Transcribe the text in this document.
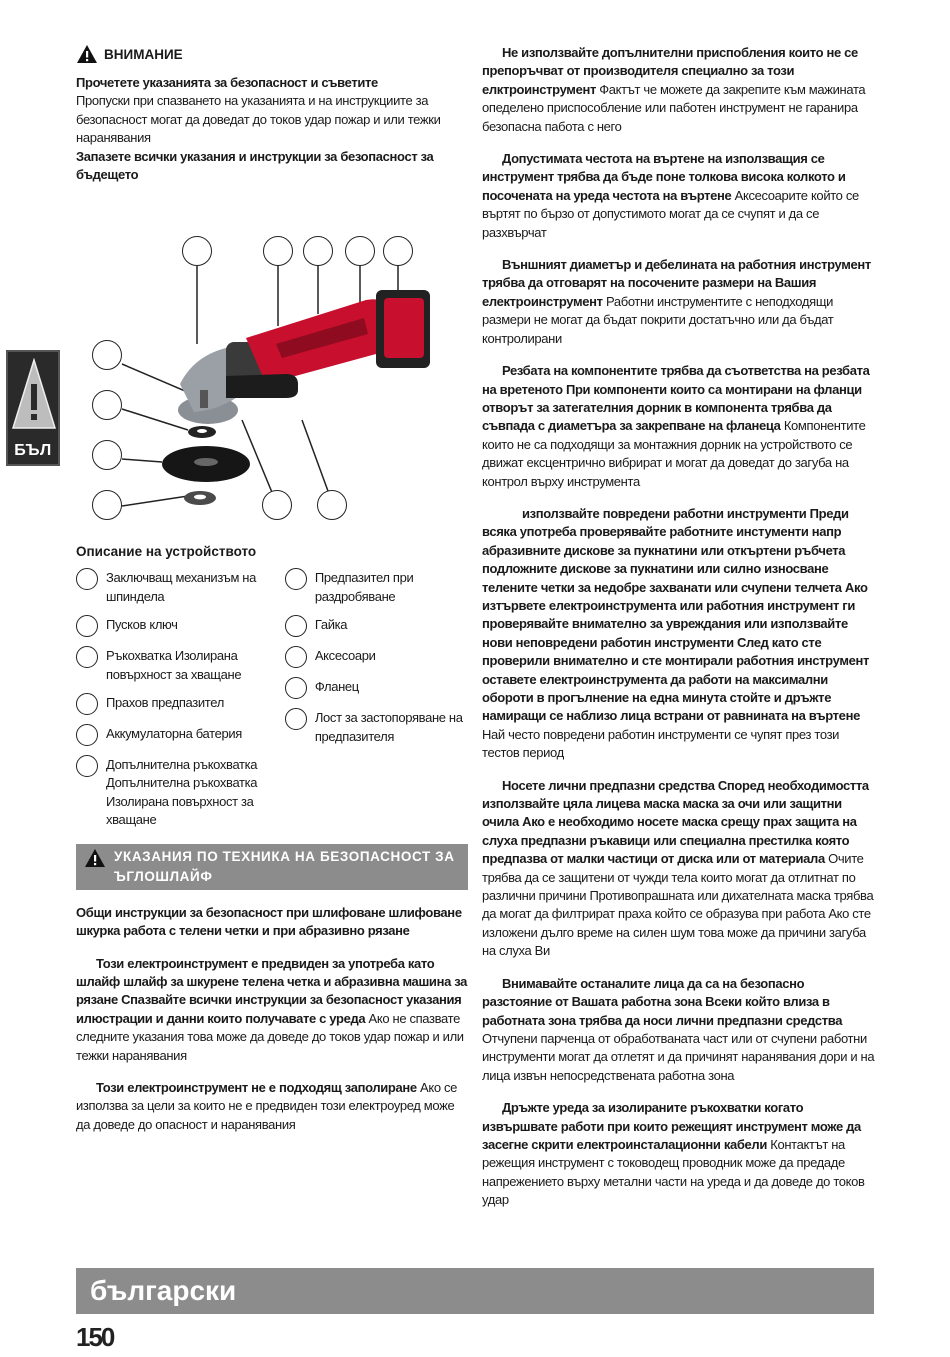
БЪЛ
ВНИМАНИЕ

Прочетете указанията за безопасност и съветите

Пропуски при спазването на указанията и на инструкциите за безопасност могат да доведат до токов удар пожар и или тежки наранявания

Запазете всички указания и инструкции за безопасност за бъдещето

Описание на устройството
Заключващ механизъм на шпиндела
Пусков ключ
Ръкохватка Изолирана повърхност за хващане
Прахов предпазител
Аккумулаторна батерия
Допълнителна ръкохватка Допълнителна ръкохватка Изолирана повърхност за хващане
Предпазител при раздробяване
Гайка
Аксесоари
Фланец
Лост за застопоряване на предпазителя
УКАЗАНИЯ ПО ТЕХНИКА НА БЕЗОПАСНОСТ ЗА ЪГЛОШЛАЙФ

Общи инструкции за безопасност при шлифоване шлифоване шкурка работа с телени четки и при абразивно рязане

Този електроинструмент е предвиден за употреба като шлайф шлайф за шкурене телена четка и абразивна машина за рязане Спазвайте всички инструкции за безопасност указания илюстрации и данни които получавате с уреда Ако не спазвате следните указания това може да доведе до токов удар пожар и или тежки наранявания

Този електроинструмент не е подходящ заполиране Ако се използва за цели за които не е предвиден този електроуред може да доведе до опасност и наранявания

Не използвайте допълнителни приспобления които не се препоръчват от производителя специално за този елктроинструмент Фактът че можете да закрепите към мажината опеделено приспособление или пабoтен инструмент не гаранира безопасна пабота с него

Допустимата честота на въртене на използващия се инструмент трябва да бъде поне толкова висока колкото и посочената на уреда честота на въртене Аксесоарите който се въртят по бързо от допустимото могат да се счупят и да се разхвърчат

Външният диаметър и дебелината на работния инструмент трябва да отговарят на посочените размери на Вашия електроинструмент Работни инструментите с неподходящи размери не могат да бъдат покрити достатъчно или да бъдат контролирани

Резбата на компонентите трябва да съответства на резбата на вретеното При компоненти които са монтирани на фланци отворът за затегателния дорник в компонента трябва да съвпада с диаметъра за закрепване на фланеца Компонентите които не са подходящи за монтажния дорник на устройството се движат ексцентрично вибрират и могат да доведат до загуба на контрол върху инструмента

използвайте повредени работни инструменти Преди всяка употреба проверявайте работните инстументи напр абразивните дискове за пукнатини или откъртени ръбчета подложните дискове за пукнатини или силно износване телените четки за недобре захванати или счупени телчета Ако изтървете електроинструмента или работния инструмент ги проверявайте внимателно за увреждания или използвайте нови неповредени работин инструменти След като сте проверили внимателно и сте монтирали работния инструмент оставете електроинструмента да работи на максимални обороти в прогълнение на една минута стойте и дръжте намиращи се наблизо лица встрани от равнината на въртене Най често повредени работин инструменти се чупят през този тестов период

Носете лични предпазни средства Според необходимостта използвайте цяла лицева маска маска за очи или защитни очила Ако е необходимо носете маска срещу прах защита на слуха предпазни ръкавици или специална престилка която предпазва от малки частици от диска или от материала Очите трябва да се защитени от чужди тела които могат да отлитнат по различни причини Противопрашната или дихателната маска трябва да могат да филтрират праха който се образува при работа Ако сте изложени дълго време на силен шум това може да причини загуба на слуха Ви

Внимавайте останалите лица да са на безопасно разстояние от Вашата работна зона Всеки който влиза в работната зона трябва да носи лични предпазни средства Отчупени парченца от обработваната част или от счупени работни инструменти могат да отлетят и да причинят наранявания дори и на лица извън непосредствената работна зона

Дръжте уреда за изолираните ръкохватки когато извършвате работи при които режещият инструмент може да засегне скрити електроинсталационни кабели Контактът на режещия инструмент с тоководещ проводник може да предаде напрежението върху метални части на уреда и да доведе до токов удар

български
150
